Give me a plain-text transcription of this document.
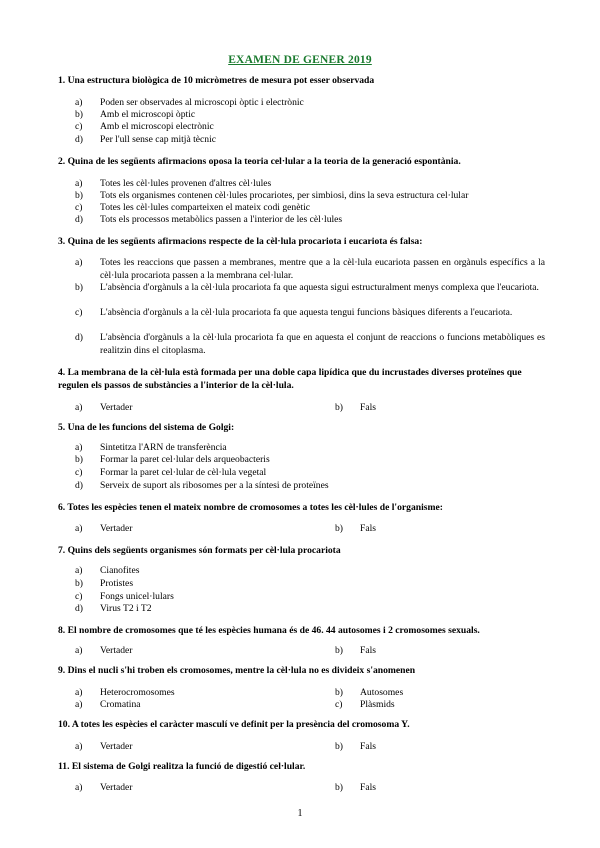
EXAMEN DE GENER 2019
1. Una estructura biològica de 10 micròmetres de mesura pot esser observada
a)	Poden ser observades al microscopi òptic i electrònic
b)	Amb el microscopi òptic
c)	Amb el microscopi electrònic
d)	Per l'ull sense cap mitjà tècnic
2. Quina de les següents afirmacions oposa la teoria cel·lular a la teoria de la generació espontània.
a)	Totes les cèl·lules provenen d'altres cèl·lules
b)	Tots els organismes contenen cèl·lules procariotes, per simbiosi, dins la seva estructura cel·lular
c)	Totes les cèl·lules comparteixen el mateix codi genètic
d)	Tots els processos metabòlics passen a l'interior de les cèl·lules
3. Quina de les següents afirmacions respecte de la cèl·lula procariota i eucariota és falsa:
a)	Totes les reaccions que passen a membranes, mentre que a la cèl·lula eucariota passen en orgànuls específics a la cèl·lula procariota passen a la membrana cel·lular.
b)	L'absència d'orgànuls a la cèl·lula procariota fa que aquesta sigui estructuralment menys complexa que l'eucariota.
c)	L'absència d'orgànuls a la cèl·lula procariota fa que aquesta tengui funcions bàsiques diferents a l'eucariota.
d)	L'absència d'orgànuls a la cèl·lula procariota fa que en aquesta el conjunt de reaccions o funcions metabòliques es realitzin dins el citoplasma.
4. La membrana de la cèl·lula està formada per una doble capa lipídica que du incrustades diverses proteïnes que regulen els passos de substàncies a l'interior de la cèl·lula.
a)	Vertader	b)	Fals
5. Una de les funcions del sistema de Golgi:
a)	Sintetitza l'ARN de transferència
b)	Formar la paret cel·lular dels arqueobacteris
c)	Formar la paret cel·lular de cèl·lula vegetal
d)	Serveix de suport als ribosomes per a la síntesi de proteïnes
6. Totes les espècies tenen el mateix nombre de cromosomes a totes les cèl·lules de l'organisme:
a)	Vertader	b)	Fals
7. Quins dels següents organismes són formats per cèl·lula procariota
a)	Cianofites
b)	Protistes
c)	Fongs unicel·lulars
d)	Virus T2 i T2
8. El nombre de cromosomes que té les espècies humana és de 46. 44 autosomes i 2 cromosomes sexuals.
a)	Vertader	b)	Fals
9. Dins el nucli s'hi troben els cromosomes, mentre la cèl·lula no es divideix s'anomenen
a)	Heterocromosomes	b)	Autosomes
a)	Cromatina	c)	Plàsmids
10. A totes les espècies el caràcter masculí ve definit per la presència del cromosoma Y.
a)	Vertader	b)	Fals
11. El sistema de Golgi realitza la funció de digestió cel·lular.
a)	Vertader	b)	Fals
1
